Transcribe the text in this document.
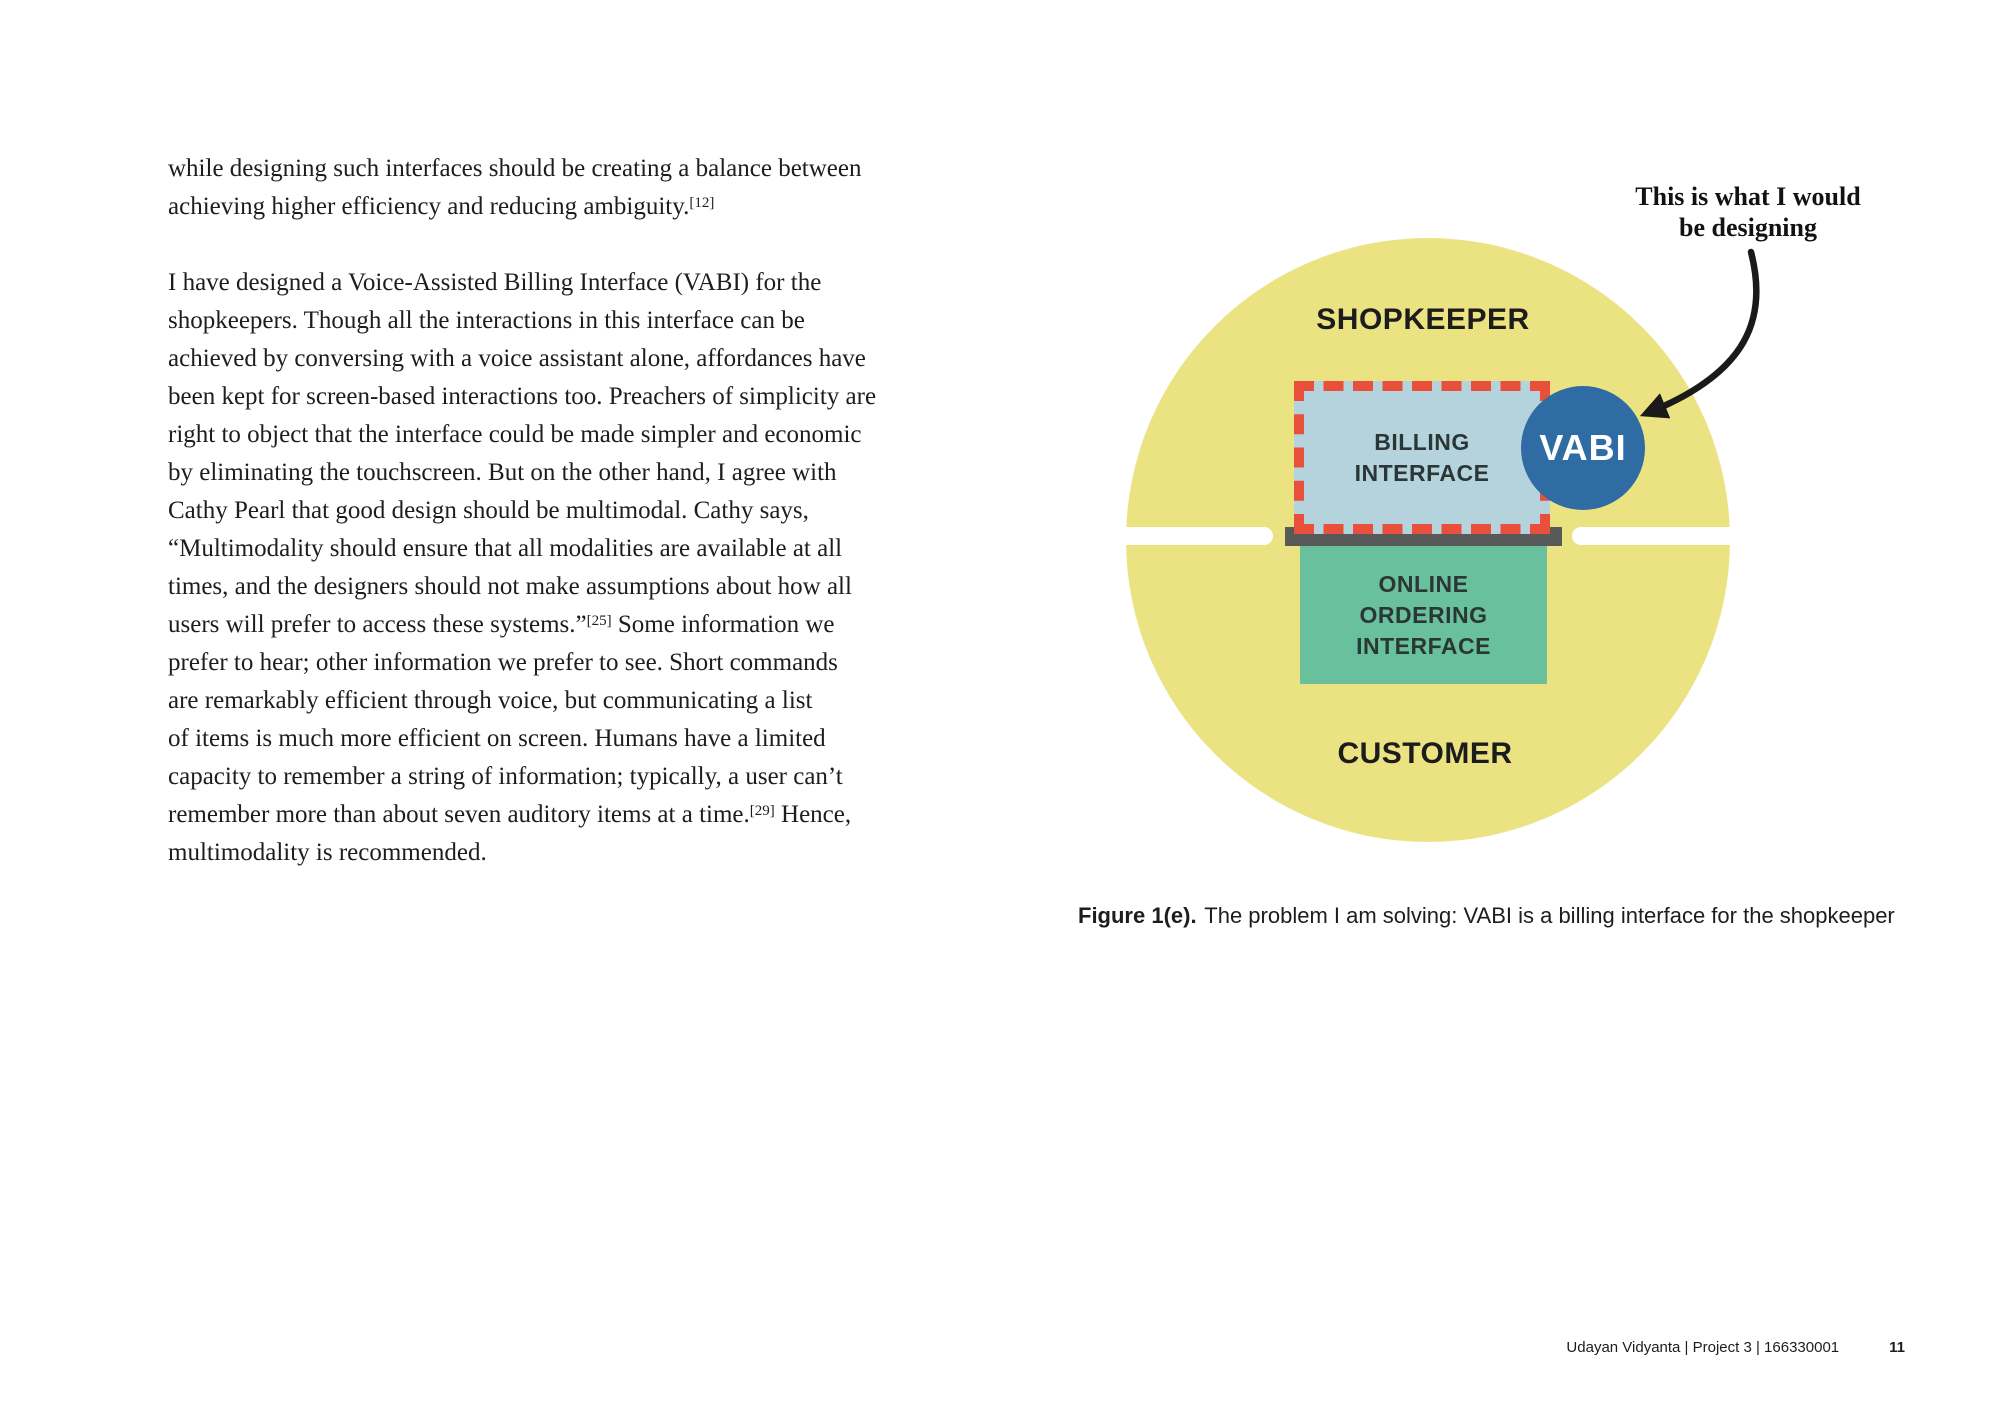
while designing such interfaces should be creating a balance between
achieving higher efficiency and reducing ambiguity.[12]

I have designed a Voice-Assisted Billing Interface (VABI) for the
shopkeepers. Though all the interactions in this interface can be
achieved by conversing with a voice assistant alone, affordances have
been kept for screen-based interactions too. Preachers of simplicity are
right to object that the interface could be made simpler and economic
by eliminating the touchscreen. But on the other hand, I agree with
Cathy Pearl that good design should be multimodal. Cathy says,
“Multimodality should ensure that all modalities are available at all
times, and the designers should not make assumptions about how all
users will prefer to access these systems.”[25] Some information we
prefer to hear; other information we prefer to see. Short commands
are remarkably efficient through voice, but communicating a list
of items is much more efficient on screen. Humans have a limited
capacity to remember a string of information; typically, a user can’t
remember more than about seven auditory items at a time.[29] Hence,
multimodality is recommended.

BILLING
INTERFACE
ONLINE
ORDERING
INTERFACE
VABI
SHOPKEEPER
CUSTOMER
This is what I would
be designing
Figure 1(e). The problem I am solving: VABI is a billing interface for the shopkeeper
Udayan Vidyanta | Project 3 | 166330001	11
